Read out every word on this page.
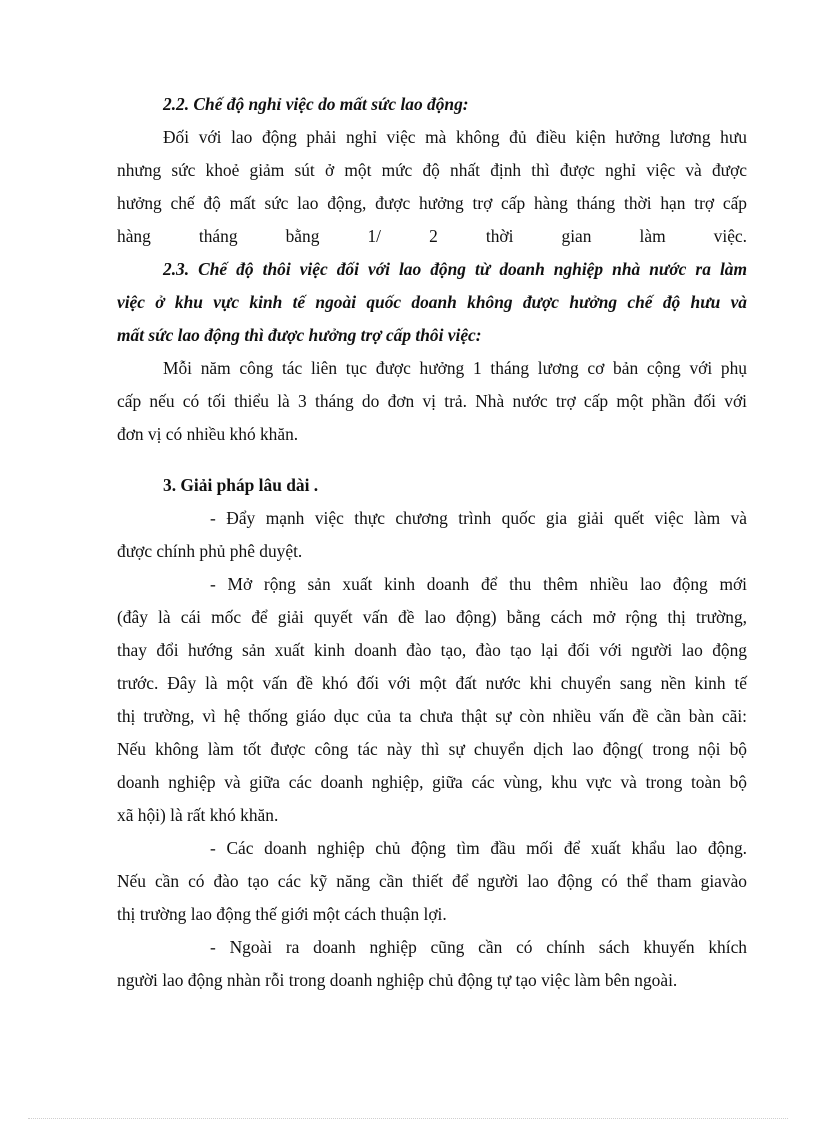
2.2. Chế độ nghỉ việc do mất sức lao động:
Đối với lao động phải nghỉ việc mà không đủ điều kiện hưởng lương hưu
nhưng sức khoẻ giảm sút ở một mức độ nhất định thì được nghỉ việc và được
hưởng chế độ mất sức lao động, được hưởng trợ cấp hàng tháng thời hạn trợ cấp
hàng tháng bằng 1/ 2 thời gian làm việc.
2.3. Chế độ thôi việc đối với lao động từ doanh nghiệp nhà nước ra làm
việc ở khu vực kinh tế ngoài quốc doanh không được hưởng chế độ hưu và
mất sức lao động thì được hưởng trợ cấp thôi việc:
Mỗi năm công tác liên tục được hưởng 1 tháng lương cơ bản cộng với phụ
cấp nếu có tối thiểu là 3 tháng do đơn vị trả. Nhà nước trợ cấp một phần đối với
đơn vị có nhiều khó khăn.
3. Giải pháp lâu dài .
- Đẩy mạnh việc thực chương trình quốc gia giải quết việc làm và
được chính phủ phê duyệt.
- Mở rộng sản xuất kinh doanh để thu thêm nhiều lao động mới
(đây là cái mốc để giải quyết vấn đề lao động) bằng cách mở rộng thị trường,
thay đổi hướng sản xuất kinh doanh đào tạo, đào tạo lại đối với người lao động
trước. Đây là một vấn đề khó đối với một đất nước khi chuyển sang nền kinh tế
thị trường, vì hệ thống giáo dục của ta chưa thật sự còn nhiều vấn đề cần bàn cãi:
Nếu không làm tốt được công tác này thì sự chuyển dịch lao động( trong nội bộ
doanh nghiệp và giữa các doanh nghiệp, giữa các vùng, khu vực và trong toàn bộ
xã hội) là rất khó khăn.
- Các doanh nghiệp chủ động tìm đầu mối để xuất khẩu lao động.
Nếu cần có đào tạo các kỹ năng cần thiết để người lao động có thể tham giavào
thị trường lao động thế giới một cách thuận lợi.
- Ngoài ra doanh nghiệp cũng cần có chính sách khuyến khích
người lao động nhàn rỗi trong doanh nghiệp chủ động tự tạo việc làm bên ngoài.
